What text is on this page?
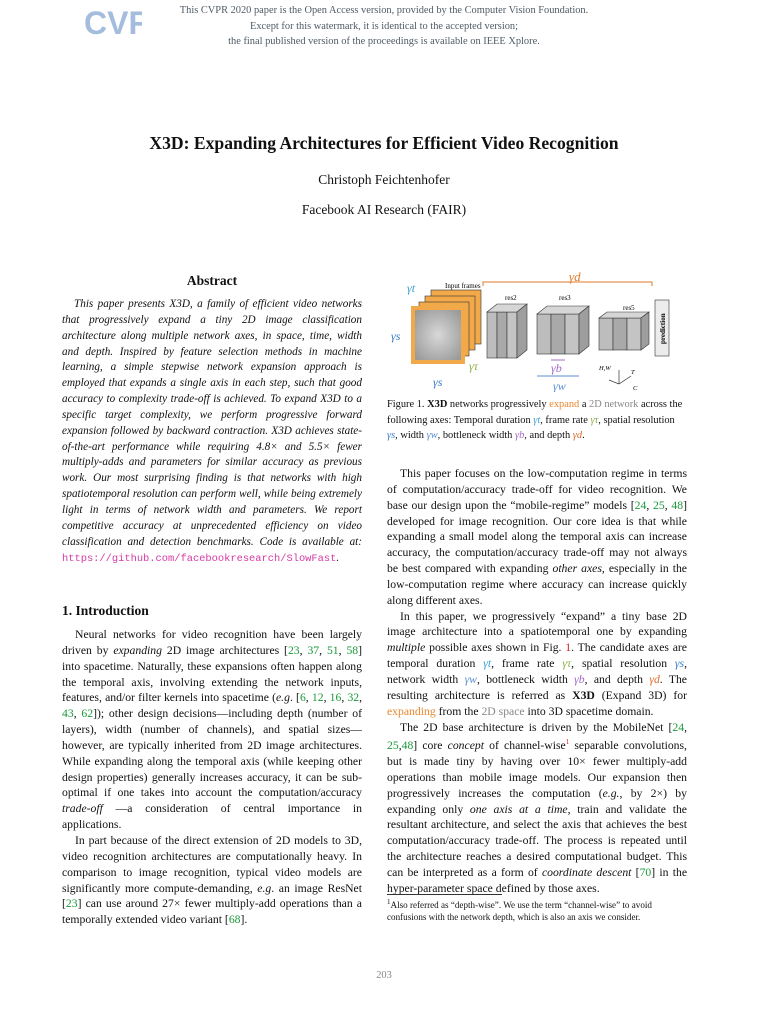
CVF	This CVPR 2020 paper is the Open Access version, provided by the Computer Vision Foundation.
Except for this watermark, it is identical to the accepted version;
the final published version of the proceedings is available on IEEE Xplore.
X3D: Expanding Architectures for Efficient Video Recognition
Christoph Feichtenhofer
Facebook AI Research (FAIR)
Abstract
This paper presents X3D, a family of efficient video networks that progressively expand a tiny 2D image classification architecture along multiple network axes, in space, time, width and depth. Inspired by feature selection methods in machine learning, a simple stepwise network expansion approach is employed that expands a single axis in each step, such that good accuracy to complexity trade-off is achieved. To expand X3D to a specific target complexity, we perform progressive forward expansion followed by backward contraction. X3D achieves state-of-the-art performance while requiring 4.8× and 5.5× fewer multiply-adds and parameters for similar accuracy as previous work. Our most surprising finding is that networks with high spatiotemporal resolution can perform well, while being extremely light in terms of network width and parameters. We report competitive accuracy at unprecedented efficiency on video classification and detection benchmarks. Code is available at: https://github.com/facebookresearch/SlowFast.
1. Introduction

Neural networks for video recognition have been largely driven by expanding 2D image architectures [23, 37, 51, 58] into spacetime. Naturally, these expansions often happen along the temporal axis, involving extending the network inputs, features, and/or filter kernels into spacetime (e.g. [6, 12, 16, 32, 43, 62]); other design decisions—including depth (number of layers), width (number of channels), and spatial sizes—however, are typically inherited from 2D image architectures. While expanding along the temporal axis (while keeping other design properties) generally increases accuracy, it can be sub-optimal if one takes into account the computation/accuracy trade-off —a consideration of central importance in applications.

In part because of the direct extension of 2D models to 3D, video recognition architectures are computationally heavy. In comparison to image recognition, typical video models are significantly more compute-demanding, e.g. an image ResNet [23] can use around 27× fewer multiply-add operations than a temporally extended video variant [68].

γd
Input frames
γt
γs
γs
γτ
res2	res3
γb
γw
res5
prediction
H,W
T
C
Figure 1. X3D networks progressively expand a 2D network across the following axes: Temporal duration γt, frame rate γτ, spatial resolution γs, width γw, bottleneck width γb, and depth γd.

This paper focuses on the low-computation regime in terms of computation/accuracy trade-off for video recognition. We base our design upon the “mobile-regime” models [24, 25, 48] developed for image recognition. Our core idea is that while expanding a small model along the temporal axis can increase accuracy, the computation/accuracy trade-off may not always be best compared with expanding other axes, especially in the low-computation regime where accuracy can increase quickly along different axes.

In this paper, we progressively “expand” a tiny base 2D image architecture into a spatiotemporal one by expanding multiple possible axes shown in Fig. 1. The candidate axes are temporal duration γt, frame rate γτ, spatial resolution γs, network width γw, bottleneck width γb, and depth γd. The resulting architecture is referred as X3D (Expand 3D) for expanding from the 2D space into 3D spacetime domain.

The 2D base architecture is driven by the MobileNet [24, 25,48] core concept of channel-wise$^1$ separable convolutions, but is made tiny by having over 10× fewer multiply-add operations than mobile image models. Our expansion then progressively increases the computation (e.g., by 2×) by expanding only one axis at a time, train and validate the resultant architecture, and select the axis that achieves the best computation/accuracy trade-off. The process is repeated until the architecture reaches a desired computational budget. This can be interpreted as a form of coordinate descent [70] in the hyper-parameter space defined by those axes.

$^1$Also referred as “depth-wise”. We use the term “channel-wise” to avoid confusions with the network depth, which is also an axis we consider.
203
